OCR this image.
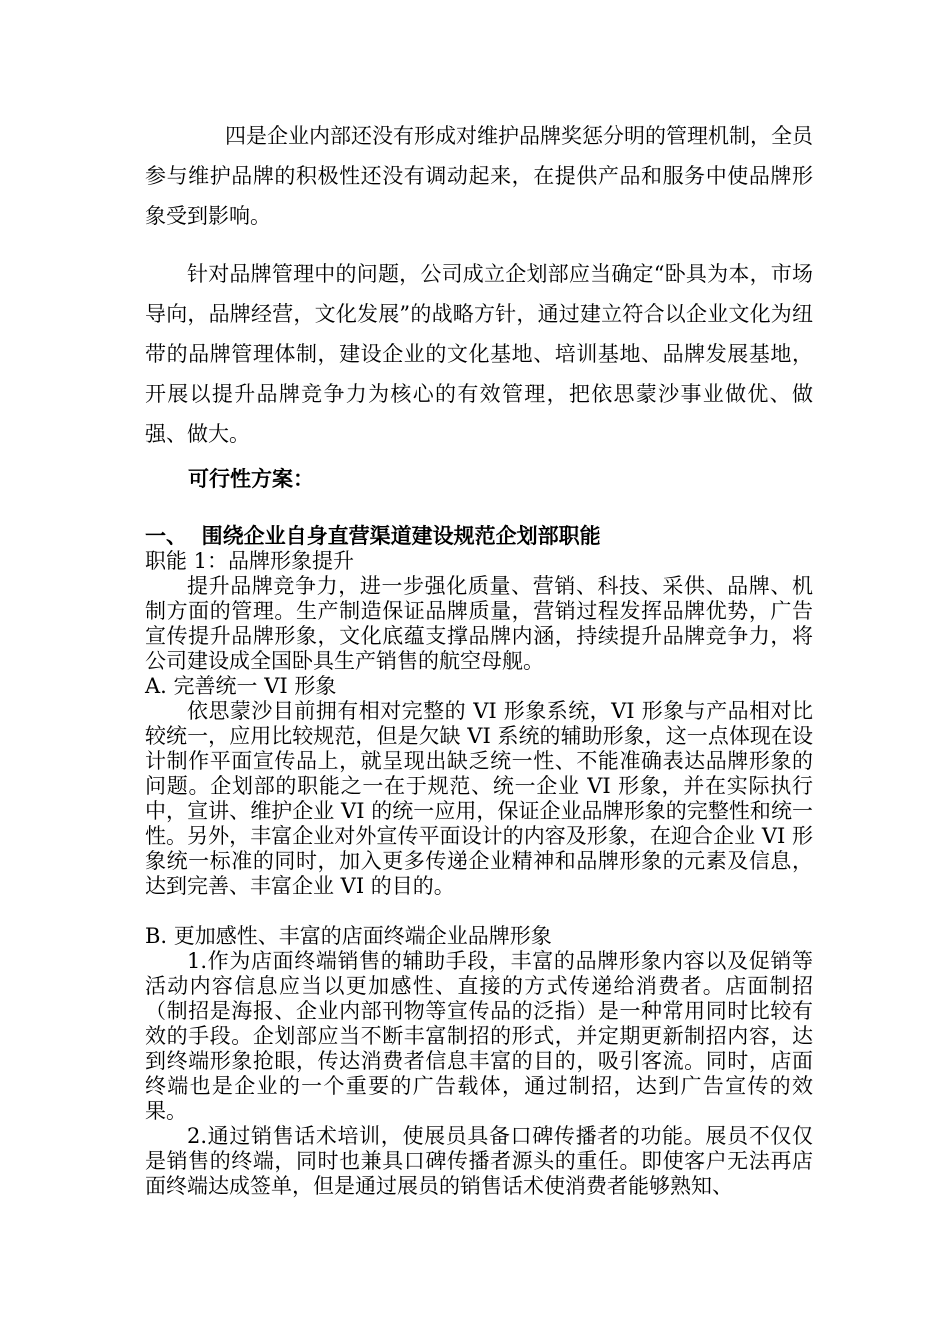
四是企业内部还没有形成对维护品牌奖惩分明的管理机制，全员参与维护品牌的积极性还没有调动起来，在提供产品和服务中使品牌形象受到影响。

针对品牌管理中的问题，公司成立企划部应当确定“卧具为本，市场导向，品牌经营，文化发展”的战略方针，通过建立符合以企业文化为纽带的品牌管理体制，建设企业的文化基地、培训基地、品牌发展基地，开展以提升品牌竞争力为核心的有效管理，把依思蒙沙事业做优、做强、做大。

可行性方案：

一、  围绕企业自身直营渠道建设规范企划部职能

职能 1：品牌形象提升

提升品牌竞争力，进一步强化质量、营销、科技、采供、品牌、机制方面的管理。生产制造保证品牌质量，营销过程发挥品牌优势，广告宣传提升品牌形象，文化底蕴支撑品牌内涵，持续提升品牌竞争力，将公司建设成全国卧具生产销售的航空母舰。

A. 完善统一 VI 形象

依思蒙沙目前拥有相对完整的 VI 形象系统，VI 形象与产品相对比较统一，应用比较规范，但是欠缺 VI 系统的辅助形象，这一点体现在设计制作平面宣传品上，就呈现出缺乏统一性、不能准确表达品牌形象的问题。企划部的职能之一在于规范、统一企业 VI 形象，并在实际执行中，宣讲、维护企业 VI 的统一应用，保证企业品牌形象的完整性和统一性。另外，丰富企业对外宣传平面设计的内容及形象，在迎合企业 VI 形象统一标准的同时，加入更多传递企业精神和品牌形象的元素及信息，达到完善、丰富企业 VI 的目的。

B. 更加感性、丰富的店面终端企业品牌形象

1.作为店面终端销售的辅助手段，丰富的品牌形象内容以及促销等活动内容信息应当以更加感性、直接的方式传递给消费者。店面制招（制招是海报、企业内部刊物等宣传品的泛指）是一种常用同时比较有效的手段。企划部应当不断丰富制招的形式，并定期更新制招内容，达到终端形象抢眼，传达消费者信息丰富的目的，吸引客流。同时，店面终端也是企业的一个重要的广告载体，通过制招，达到广告宣传的效果。

2.通过销售话术培训，使展员具备口碑传播者的功能。展员不仅仅是销售的终端，同时也兼具口碑传播者源头的重任。即使客户无法再店面终端达成签单，但是通过展员的销售话术使消费者能够熟知、
